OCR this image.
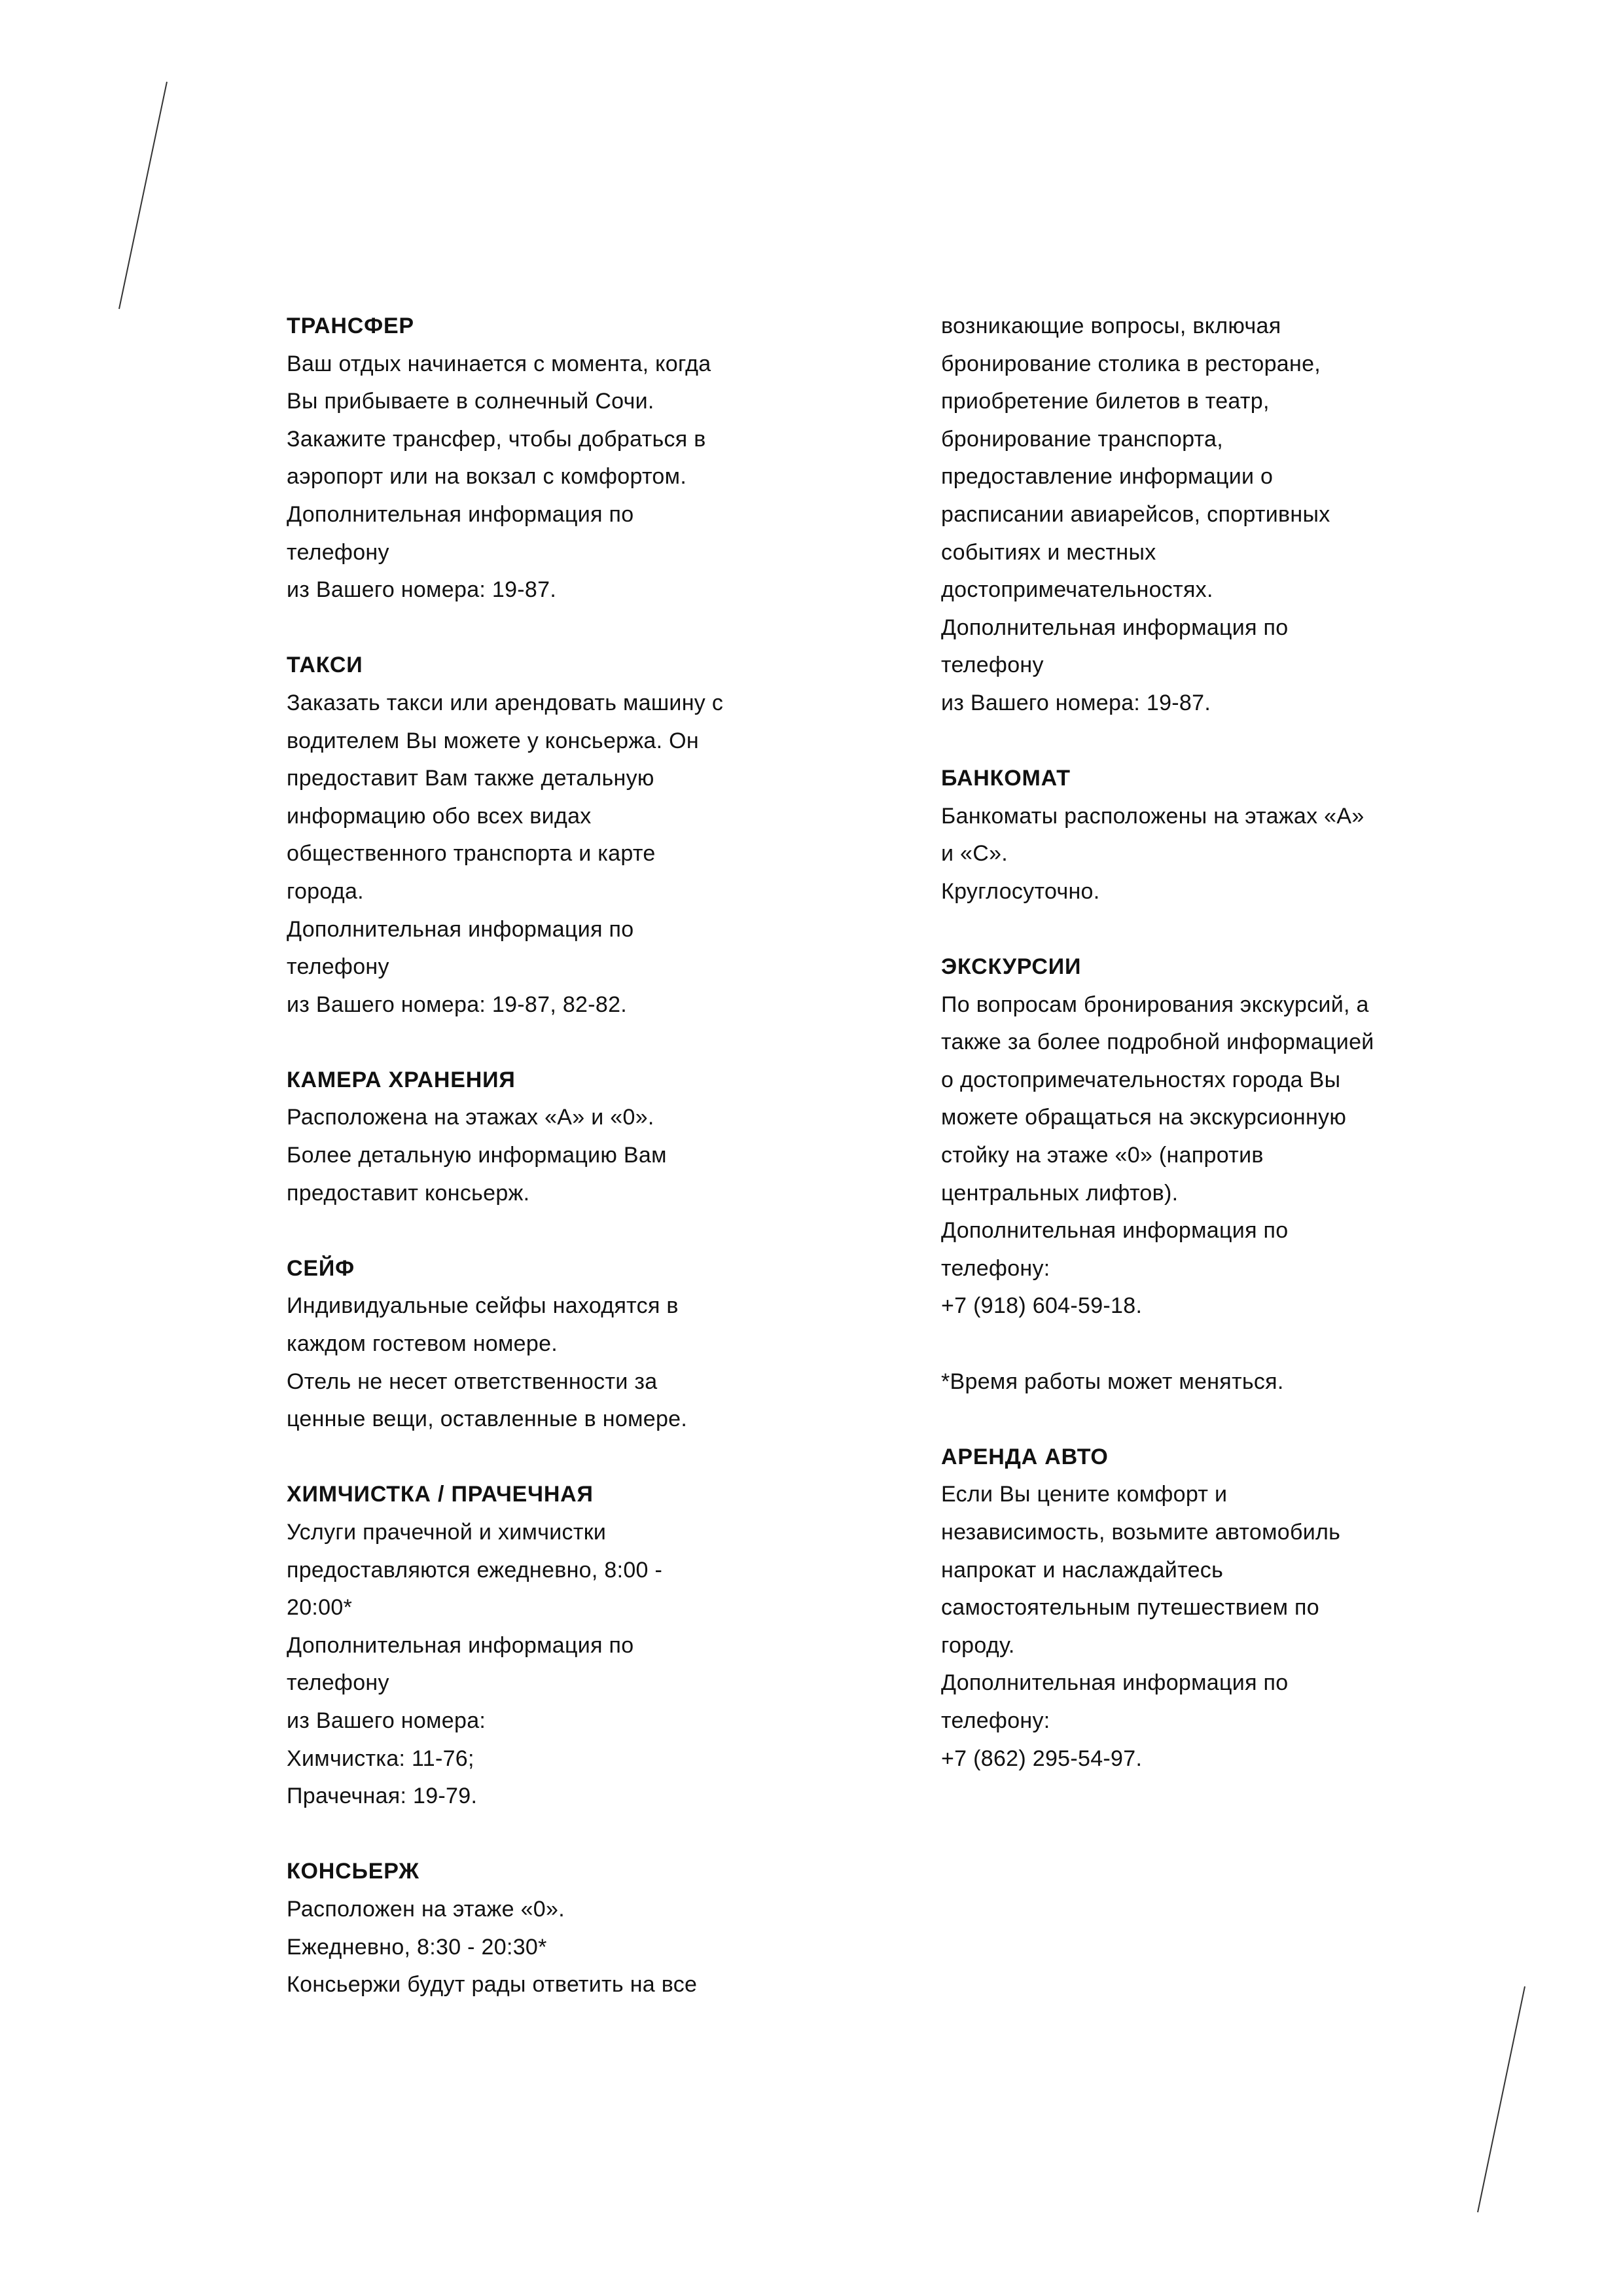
ТРАНСФЕР
Ваш отдых начинается с момента, когда
Вы прибываете в солнечный Сочи.
Закажите трансфер, чтобы добраться в
аэропорт или на вокзал с комфортом.
Дополнительная информация по
телефону
из Вашего номера: 19-87.
ТАКСИ
Заказать такси или арендовать машину с
водителем Вы можете у консьержа. Он
предоставит Вам также детальную
информацию обо всех видах
общественного транспорта и карте
города.
Дополнительная информация по
телефону
из Вашего номера: 19-87, 82-82.
КАМЕРА ХРАНЕНИЯ
Расположена на этажах «А» и «0».
Более детальную информацию Вам
предоставит консьерж.
СЕЙФ
Индивидуальные сейфы находятся в
каждом гостевом номере.
Отель не несет ответственности за
ценные вещи, оставленные в номере.
ХИМЧИСТКА / ПРАЧЕЧНАЯ
Услуги прачечной и химчистки
предоставляются ежедневно, 8:00 -
20:00*
Дополнительная информация по
телефону
из Вашего номера:
Химчистка: 11-76;
Прачечная: 19-79.
КОНСЬЕРЖ
Расположен на этаже «0».
Ежедневно, 8:30 - 20:30*
Консьержи будут рады ответить на все
возникающие вопросы, включая
бронирование столика в ресторане,
приобретение билетов в театр,
бронирование транспорта,
предоставление информации о
расписании авиарейсов, спортивных
событиях и местных
достопримечательностях.
Дополнительная информация по
телефону
из Вашего номера: 19-87.
БАНКОМАТ
Банкоматы расположены на этажах «А»
и «С».
Круглосуточно.
ЭКСКУРСИИ
По вопросам бронирования экскурсий, а
также за более подробной информацией
о достопримечательностях города Вы
можете обращаться на экскурсионную
стойку на этаже «0» (напротив
центральных лифтов).
Дополнительная информация по
телефону:
+7 (918) 604-59-18.
*Время работы может меняться.
АРЕНДА АВТО
Если Вы цените комфорт и
независимость, возьмите автомобиль
напрокат и наслаждайтесь
самостоятельным путешествием по
городу.
Дополнительная информация по
телефону:
+7 (862) 295-54-97.
